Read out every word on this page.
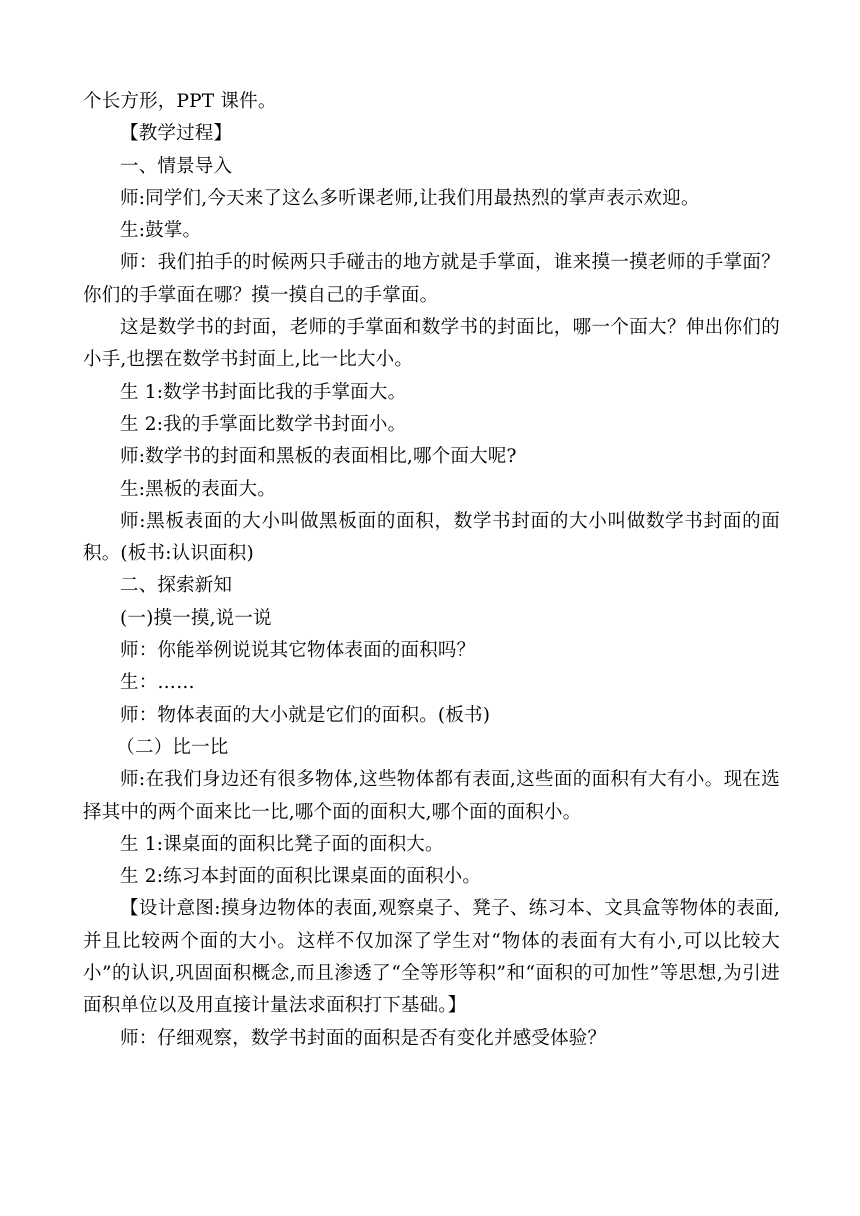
个长方形，PPT 课件。

【教学过程】

一、情景导入

师:同学们,今天来了这么多听课老师,让我们用最热烈的掌声表示欢迎。

生:鼓掌。

师：我们拍手的时候两只手碰击的地方就是手掌面，谁来摸一摸老师的手掌面？ 你们的手掌面在哪？摸一摸自己的手掌面。

这是数学书的封面，老师的手掌面和数学书的封面比，哪一个面大？伸出你们的小手,也摆在数学书封面上,比一比大小。

生 1:数学书封面比我的手掌面大。

生 2:我的手掌面比数学书封面小。

师:数学书的封面和黑板的表面相比,哪个面大呢?

生:黑板的表面大。

师:黑板表面的大小叫做黑板面的面积，数学书封面的大小叫做数学书封面的面积。(板书:认识面积)

二、探索新知

(一)摸一摸,说一说

师：你能举例说说其它物体表面的面积吗？

生：……

师：物体表面的大小就是它们的面积。(板书)

（二）比一比

师:在我们身边还有很多物体,这些物体都有表面,这些面的面积有大有小。现在选择其中的两个面来比一比,哪个面的面积大,哪个面的面积小。

生 1:课桌面的面积比凳子面的面积大。

生 2:练习本封面的面积比课桌面的面积小。

【设计意图:摸身边物体的表面,观察桌子、凳子、练习本、文具盒等物体的表面,并且比较两个面的大小。这样不仅加深了学生对“物体的表面有大有小,可以比较大小”的认识,巩固面积概念,而且渗透了“全等形等积”和“面积的可加性”等思想,为引进面积单位以及用直接计量法求面积打下基础。】

师：仔细观察，数学书封面的面积是否有变化并感受体验？
